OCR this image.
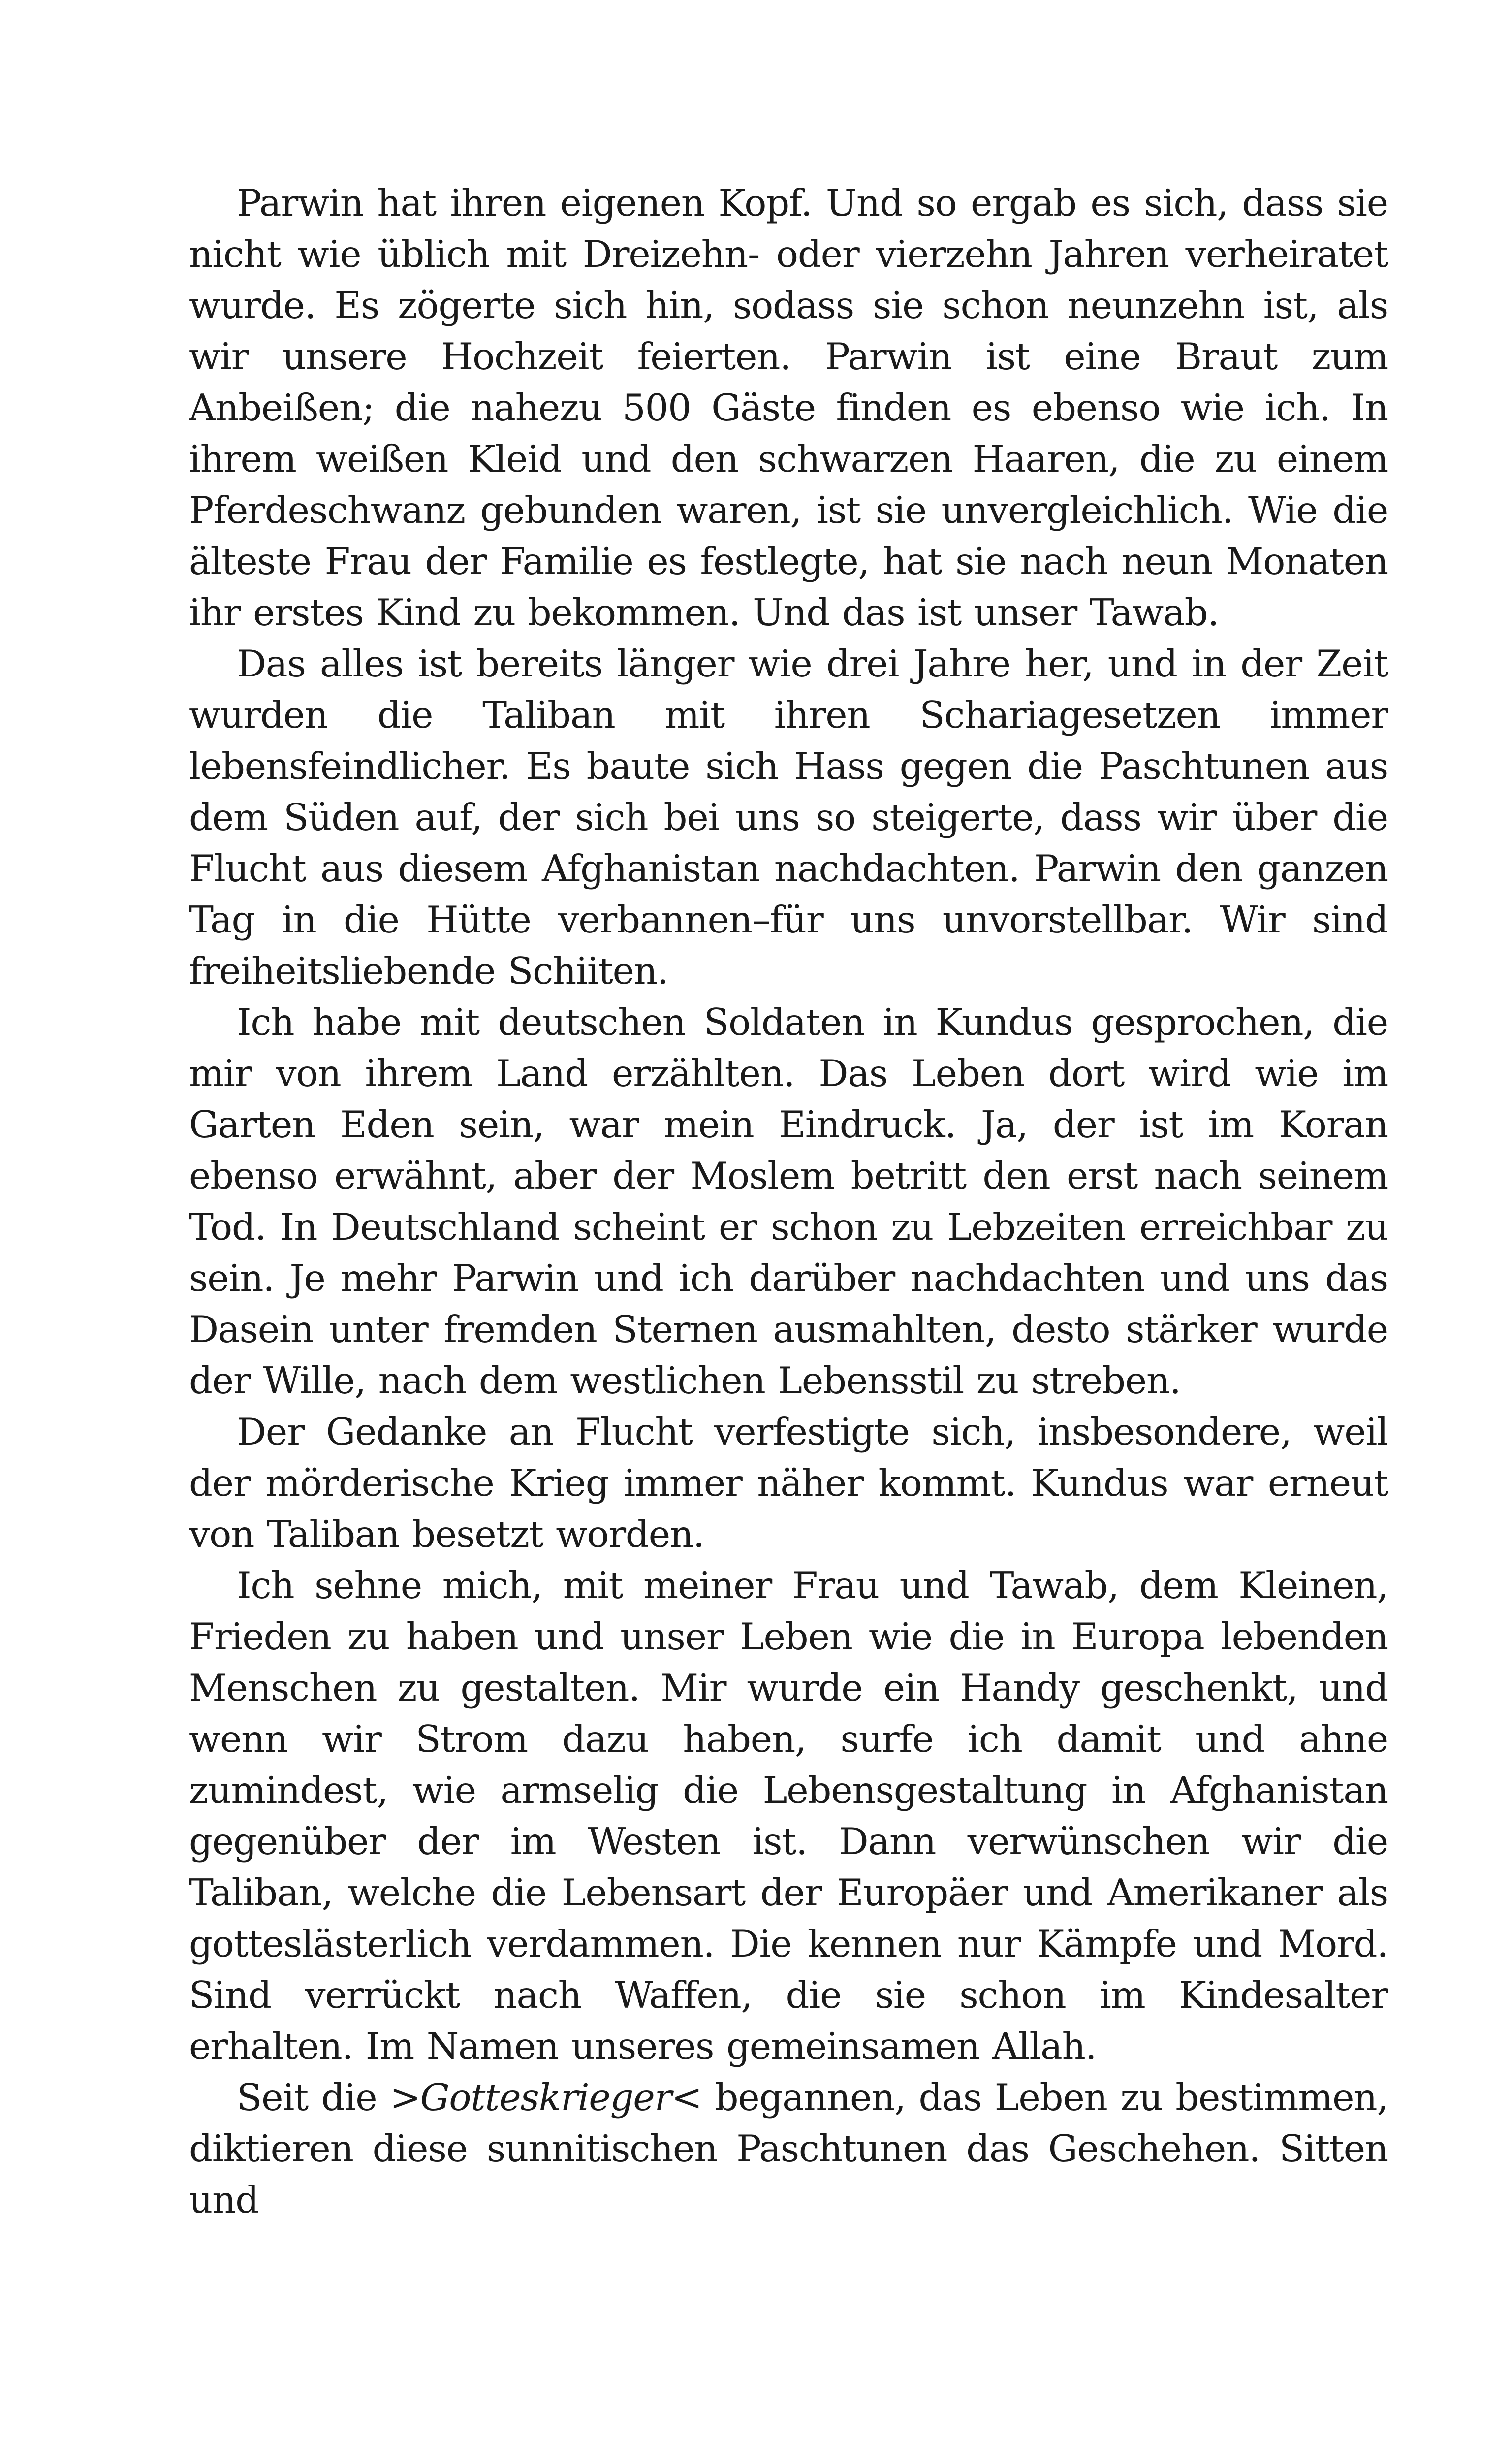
Parwin hat ihren eigenen Kopf. Und so ergab es sich, dass sie nicht wie üblich mit Dreizehn- oder vierzehn Jahren verheiratet wurde. Es zögerte sich hin, sodass sie schon neunzehn ist, als wir unsere Hochzeit feierten. Parwin ist eine Braut zum Anbeißen; die nahezu 500 Gäste finden es ebenso wie ich. In ihrem weißen Kleid und den schwarzen Haaren, die zu einem Pferdeschwanz gebunden waren, ist sie unvergleichlich. Wie die älteste Frau der Familie es festlegte, hat sie nach neun Monaten ihr erstes Kind zu bekommen. Und das ist unser Tawab.

Das alles ist bereits länger wie drei Jahre her, und in der Zeit wurden die Taliban mit ihren Schariagesetzen immer lebensfeindlicher. Es baute sich Hass gegen die Paschtunen aus dem Süden auf, der sich bei uns so steigerte, dass wir über die Flucht aus diesem Afghanistan nachdachten. Parwin den ganzen Tag in die Hütte verbannen–für uns unvorstellbar. Wir sind freiheitsliebende Schiiten.

Ich habe mit deutschen Soldaten in Kundus gesprochen, die mir von ihrem Land erzählten. Das Leben dort wird wie im Garten Eden sein, war mein Eindruck. Ja, der ist im Koran ebenso erwähnt, aber der Moslem betritt den erst nach seinem Tod. In Deutschland scheint er schon zu Lebzeiten erreichbar zu sein. Je mehr Parwin und ich darüber nachdachten und uns das Dasein unter fremden Sternen ausmahlten, desto stärker wurde der Wille, nach dem westlichen Lebensstil zu streben.

Der Gedanke an Flucht verfestigte sich, insbesondere, weil der mörderische Krieg immer näher kommt. Kundus war erneut von Taliban besetzt worden.

Ich sehne mich, mit meiner Frau und Tawab, dem Kleinen, Frieden zu haben und unser Leben wie die in Europa lebenden Menschen zu gestalten. Mir wurde ein Handy geschenkt, und wenn wir Strom dazu haben, surfe ich damit und ahne zumindest, wie armselig die Lebensgestaltung in Afghanistan gegenüber der im Westen ist. Dann verwünschen wir die Taliban, welche die Lebensart der Europäer und Amerikaner als gotteslästerlich verdammen. Die kennen nur Kämpfe und Mord. Sind verrückt nach Waffen, die sie schon im Kindesalter erhalten. Im Namen unseres gemeinsamen Allah.

Seit die >Gotteskrieger< begannen, das Leben zu bestimmen, diktieren diese sunnitischen Paschtunen das Geschehen. Sitten und
